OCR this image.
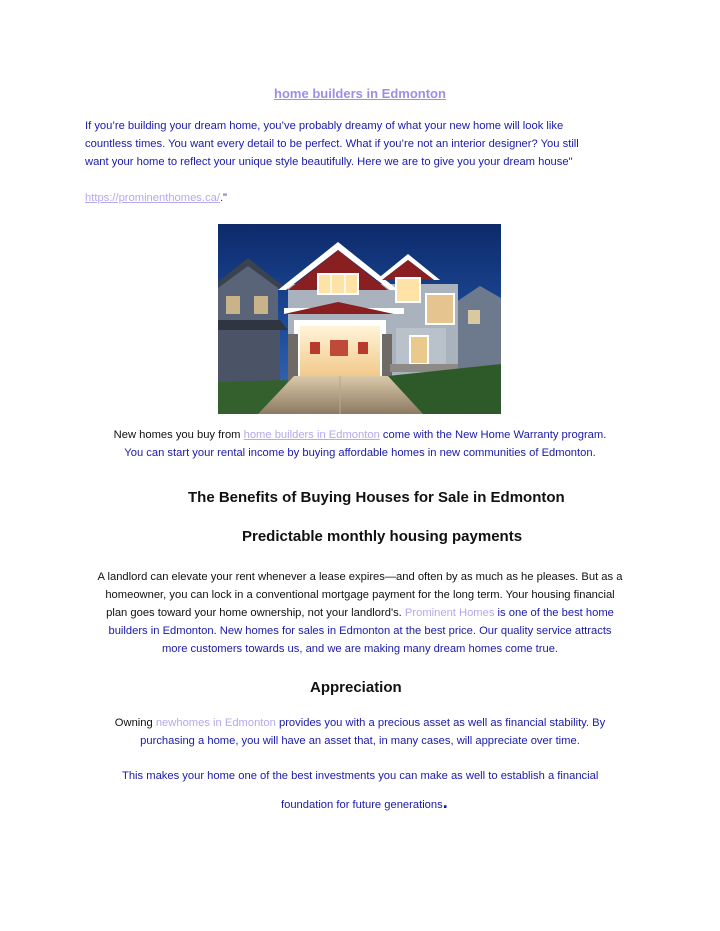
home builders in Edmonton
If you’re building your dream home, you’ve probably dreamy of what your new home will look like
countless times. You want every detail to be perfect. What if you’re not an interior designer? You still
want your home to reflect your unique style beautifully. Here we are to give you your dream house"
https://prominenthomes.ca/."
New homes you buy from home builders in Edmonton come with the New Home Warranty program.
You can start your rental income by buying affordable homes in new communities of Edmonton.
The Benefits of Buying Houses for Sale in Edmonton
Predictable monthly housing payments
A landlord can elevate your rent whenever a lease expires—and often by as much as he pleases. But as a
homeowner, you can lock in a conventional mortgage payment for the long term. Your housing financial
plan goes toward your home ownership, not your landlord's. Prominent Homes is one of the best home
builders in Edmonton. New homes for sales in Edmonton at the best price. Our quality service attracts
more customers towards us, and we are making many dream homes come true.
Appreciation
Owning newhomes in Edmonton provides you with a precious asset as well as financial stability. By
purchasing a home, you will have an asset that, in many cases, will appreciate over time.
This makes your home one of the best investments you can make as well to establish a financial
foundation for future generations.
